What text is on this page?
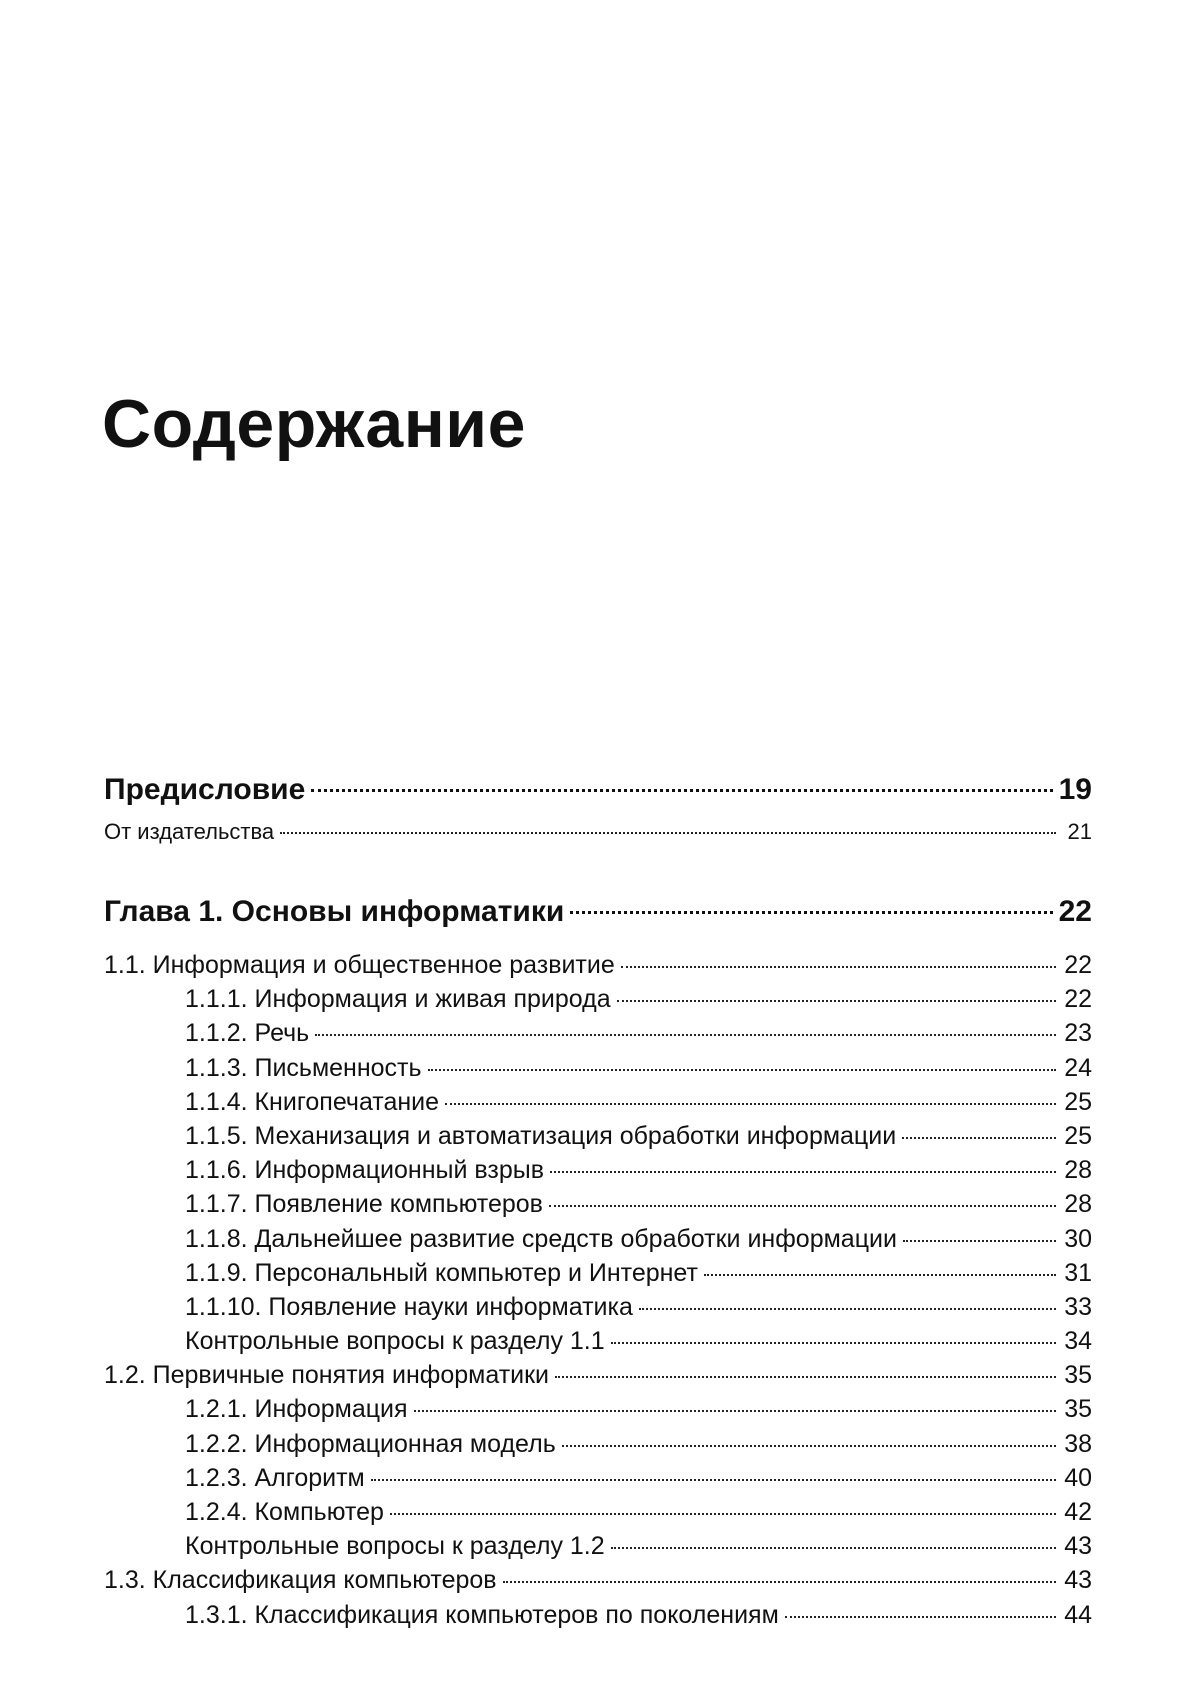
Содержание
Предисловие	19
От издательства	21
Глава 1. Основы информатики	22
1.1. Информация и общественное развитие	22
1.1.1. Информация и живая природа	22
1.1.2. Речь	23
1.1.3. Письменность	24
1.1.4. Книгопечатание	25
1.1.5. Механизация и автоматизация обработки информации	25
1.1.6. Информационный взрыв	28
1.1.7. Появление компьютеров	28
1.1.8. Дальнейшее развитие средств обработки информации	30
1.1.9. Персональный компьютер и Интернет	31
1.1.10. Появление науки информатика	33
Контрольные вопросы к разделу 1.1	34
1.2. Первичные понятия информатики	35
1.2.1. Информация	35
1.2.2. Информационная модель	38
1.2.3. Алгоритм	40
1.2.4. Компьютер	42
Контрольные вопросы к разделу 1.2	43
1.3. Классификация компьютеров	43
1.3.1. Классификация компьютеров по поколениям	44
